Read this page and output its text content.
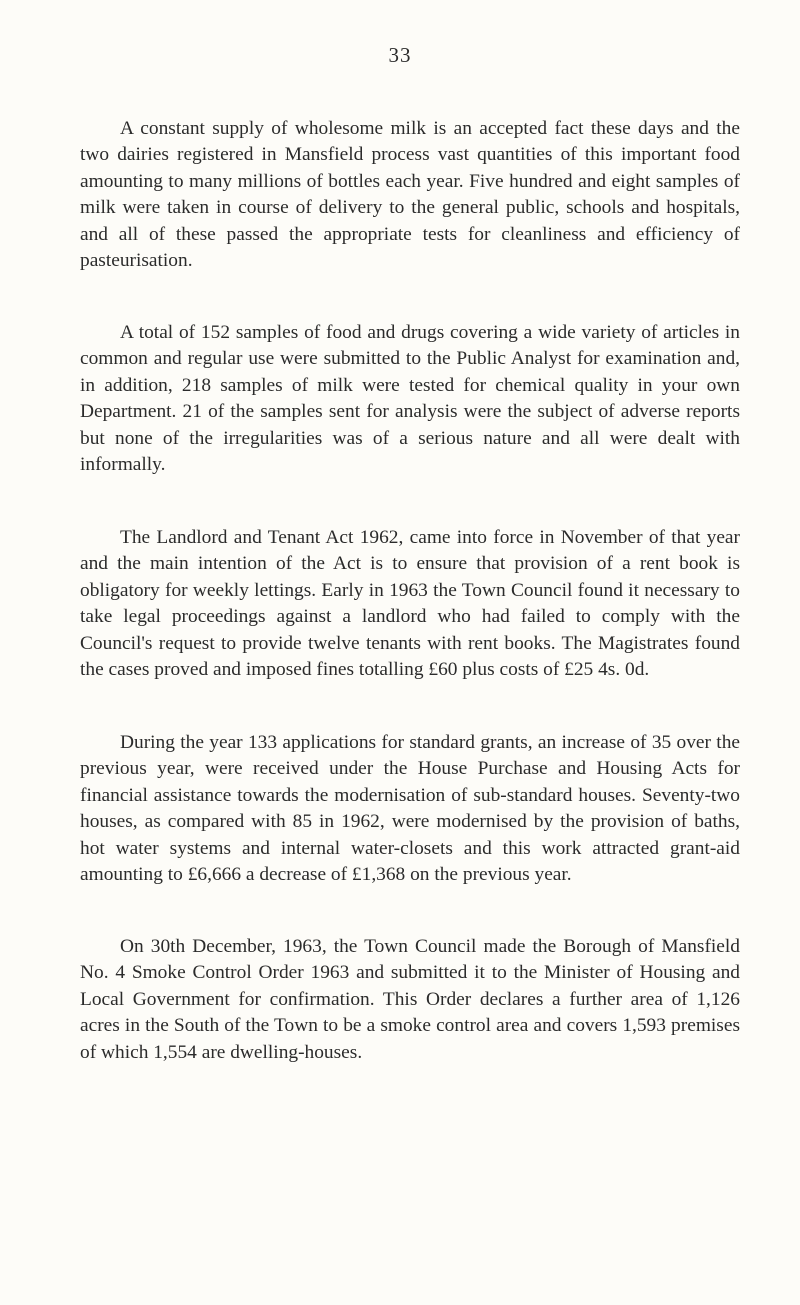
33

A constant supply of wholesome milk is an accepted fact these days and the two dairies registered in Mansfield process vast quantities of this important food amounting to many millions of bottles each year. Five hundred and eight samples of milk were taken in course of delivery to the general public, schools and hospitals, and all of these passed the appropriate tests for cleanliness and efficiency of pasteurisation.

A total of 152 samples of food and drugs covering a wide variety of articles in common and regular use were submitted to the Public Analyst for examination and, in addition, 218 samples of milk were tested for chemical quality in your own Department. 21 of the samples sent for analysis were the subject of adverse reports but none of the irregularities was of a serious nature and all were dealt with informally.

The Landlord and Tenant Act 1962, came into force in November of that year and the main intention of the Act is to ensure that provision of a rent book is obligatory for weekly lettings. Early in 1963 the Town Council found it necessary to take legal proceedings against a landlord who had failed to comply with the Council's request to provide twelve tenants with rent books. The Magistrates found the cases proved and imposed fines totalling £60 plus costs of £25 4s. 0d.

During the year 133 applications for standard grants, an increase of 35 over the previous year, were received under the House Purchase and Housing Acts for financial assistance towards the modernisation of sub-standard houses. Seventy-two houses, as compared with 85 in 1962, were modernised by the provision of baths, hot water systems and internal water-closets and this work attracted grant-aid amounting to £6,666 a decrease of £1,368 on the previous year.

On 30th December, 1963, the Town Council made the Borough of Mansfield No. 4 Smoke Control Order 1963 and submitted it to the Minister of Housing and Local Government for confirmation. This Order declares a further area of 1,126 acres in the South of the Town to be a smoke control area and covers 1,593 premises of which 1,554 are dwelling-houses.
